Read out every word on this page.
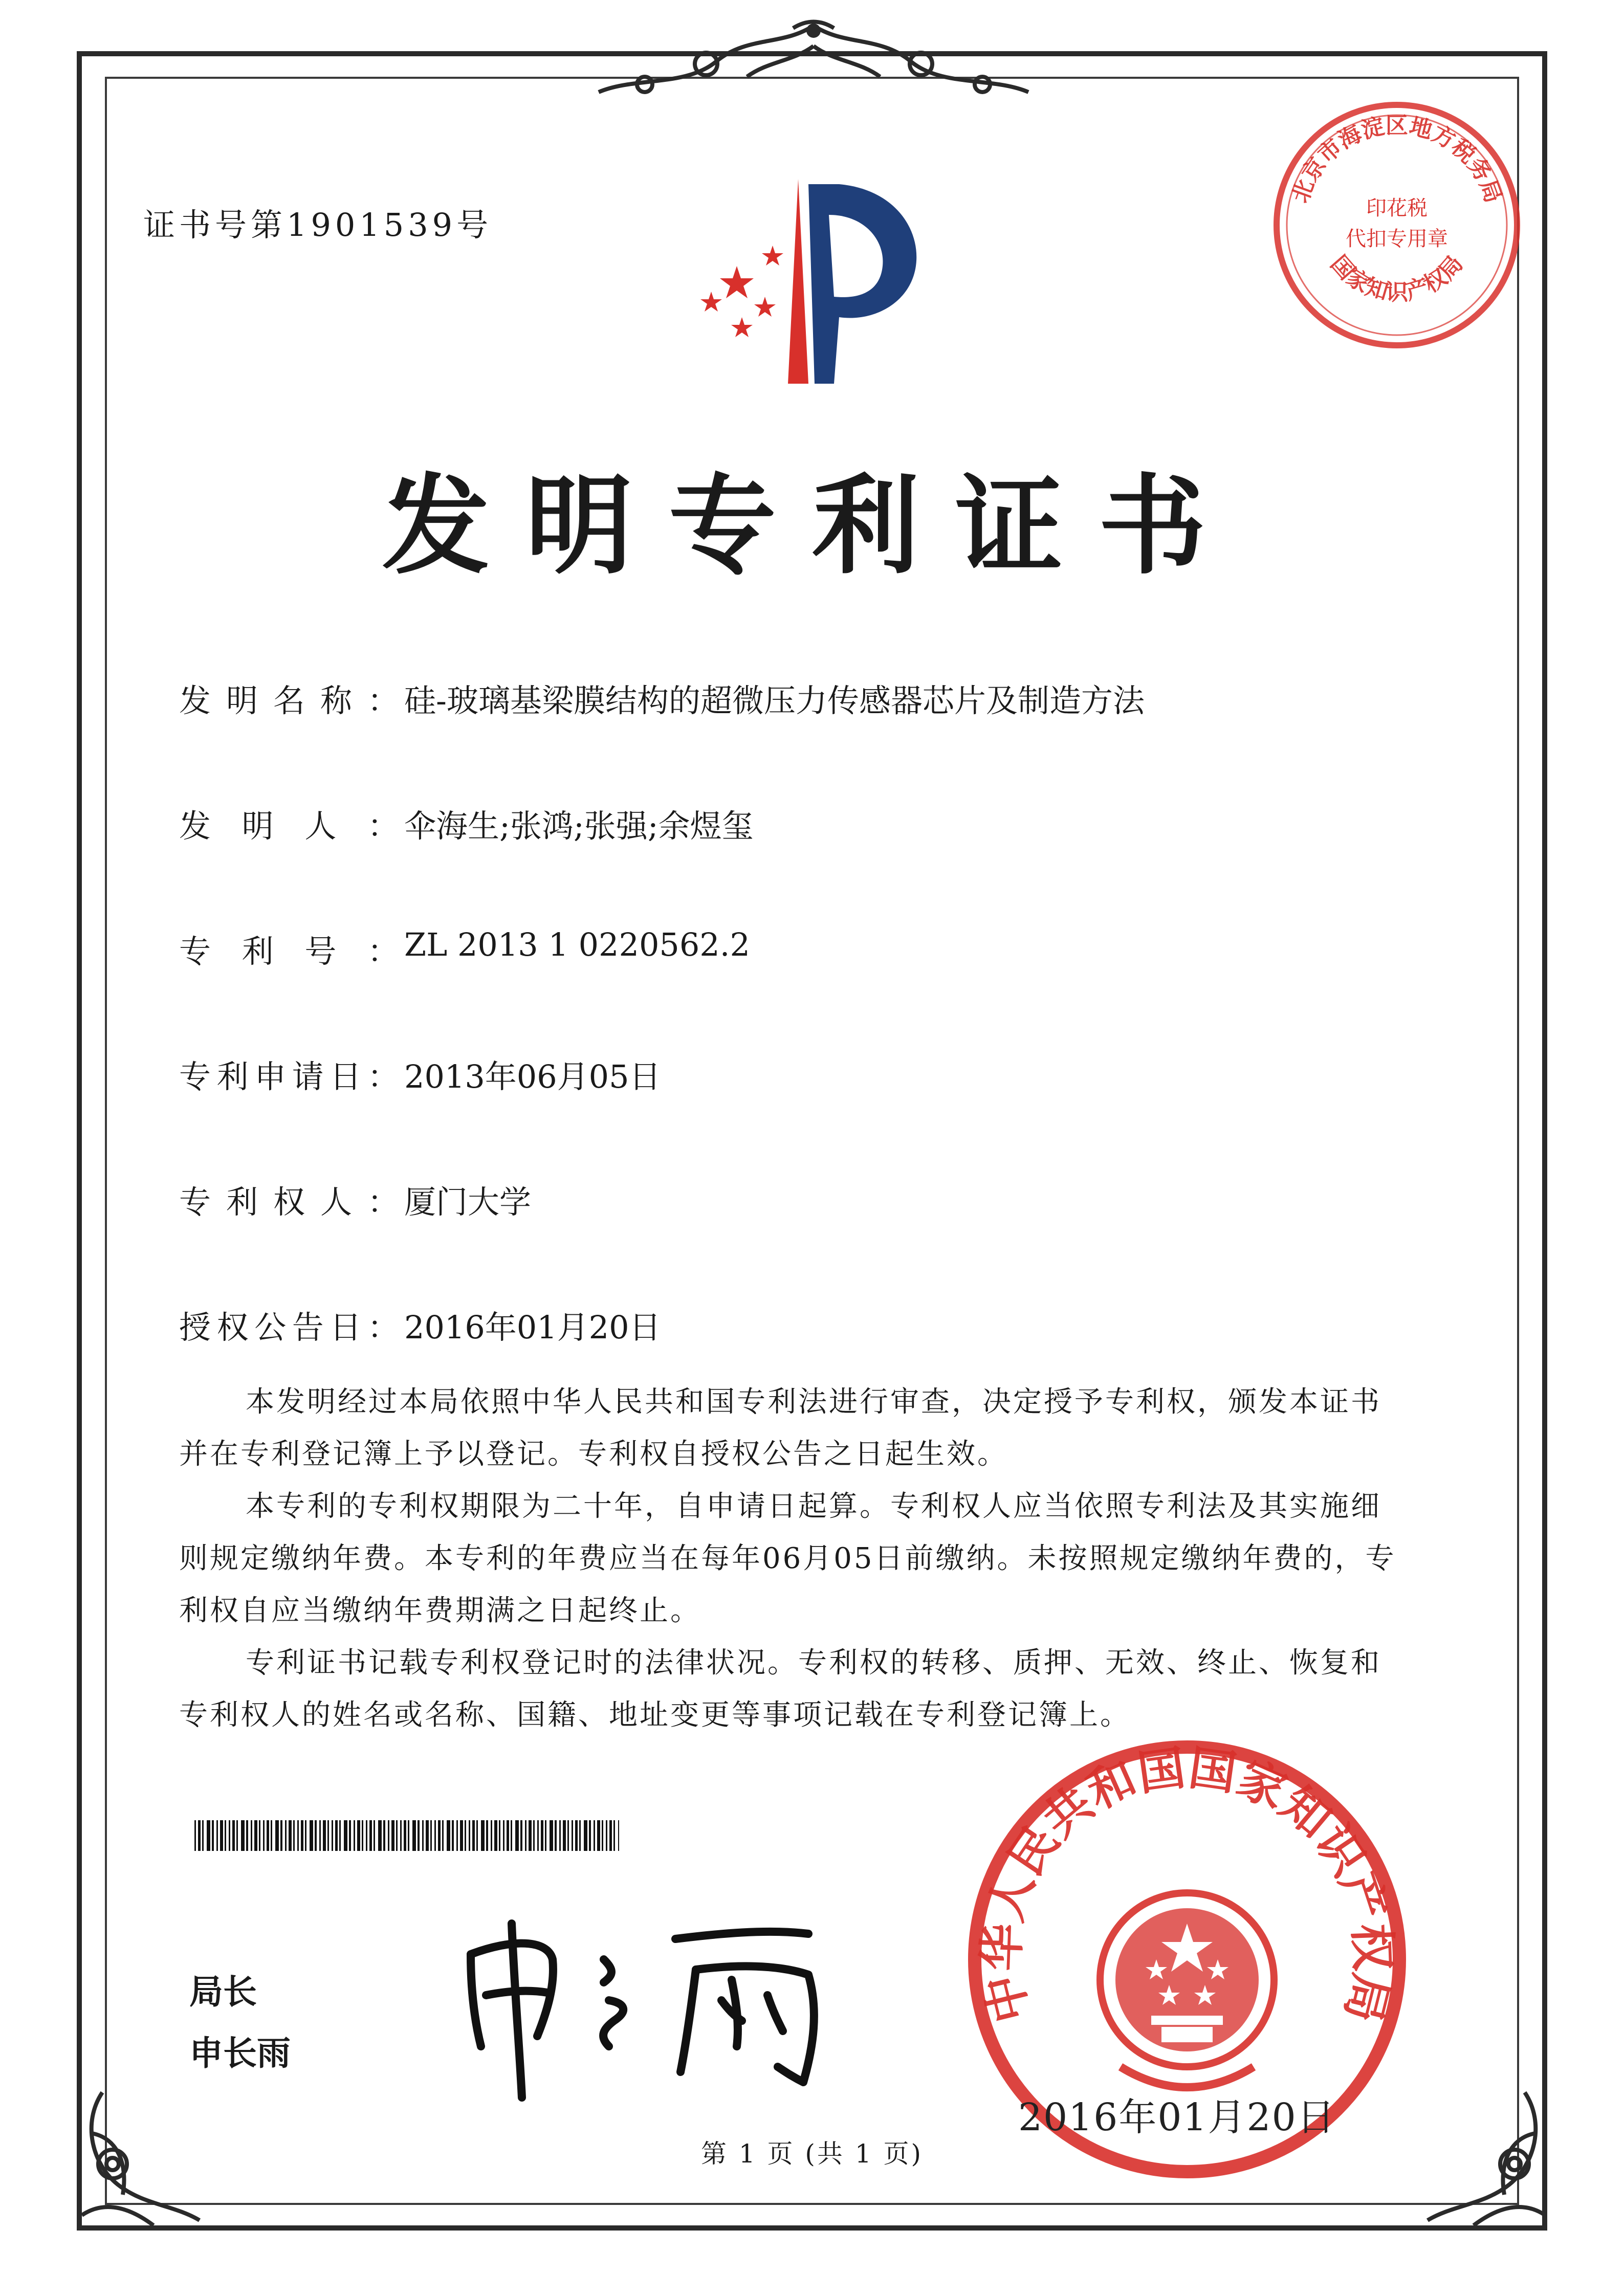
证书号第1901539号
北京市海淀区地方税务局
印花税
代扣专用章
国家知识产权局
发明专利证书
发明名称： 硅-玻璃基梁膜结构的超微压力传感器芯片及制造方法
发明人： 伞海生;张鸿;张强;余煜玺
专利号： ZL 2013 1 0220562.2
专利申请日： 2013年06月05日
专利权人： 厦门大学
授权公告日： 2016年01月20日

本发明经过本局依照中华人民共和国专利法进行审查，决定授予专利权，颁发本证书并在专利登记簿上予以登记。专利权自授权公告之日起生效。

本专利的专利权期限为二十年，自申请日起算。专利权人应当依照专利法及其实施细则规定缴纳年费。本专利的年费应当在每年06月05日前缴纳。未按照规定缴纳年费的，专利权自应当缴纳年费期满之日起终止。

专利证书记载专利权登记时的法律状况。专利权的转移、质押、无效、终止、恢复和专利权人的姓名或名称、国籍、地址变更等事项记载在专利登记簿上。

局长
申长雨
中华人民共和国国家知识产权局
2016年01月20日
第 1 页 (共 1 页)
